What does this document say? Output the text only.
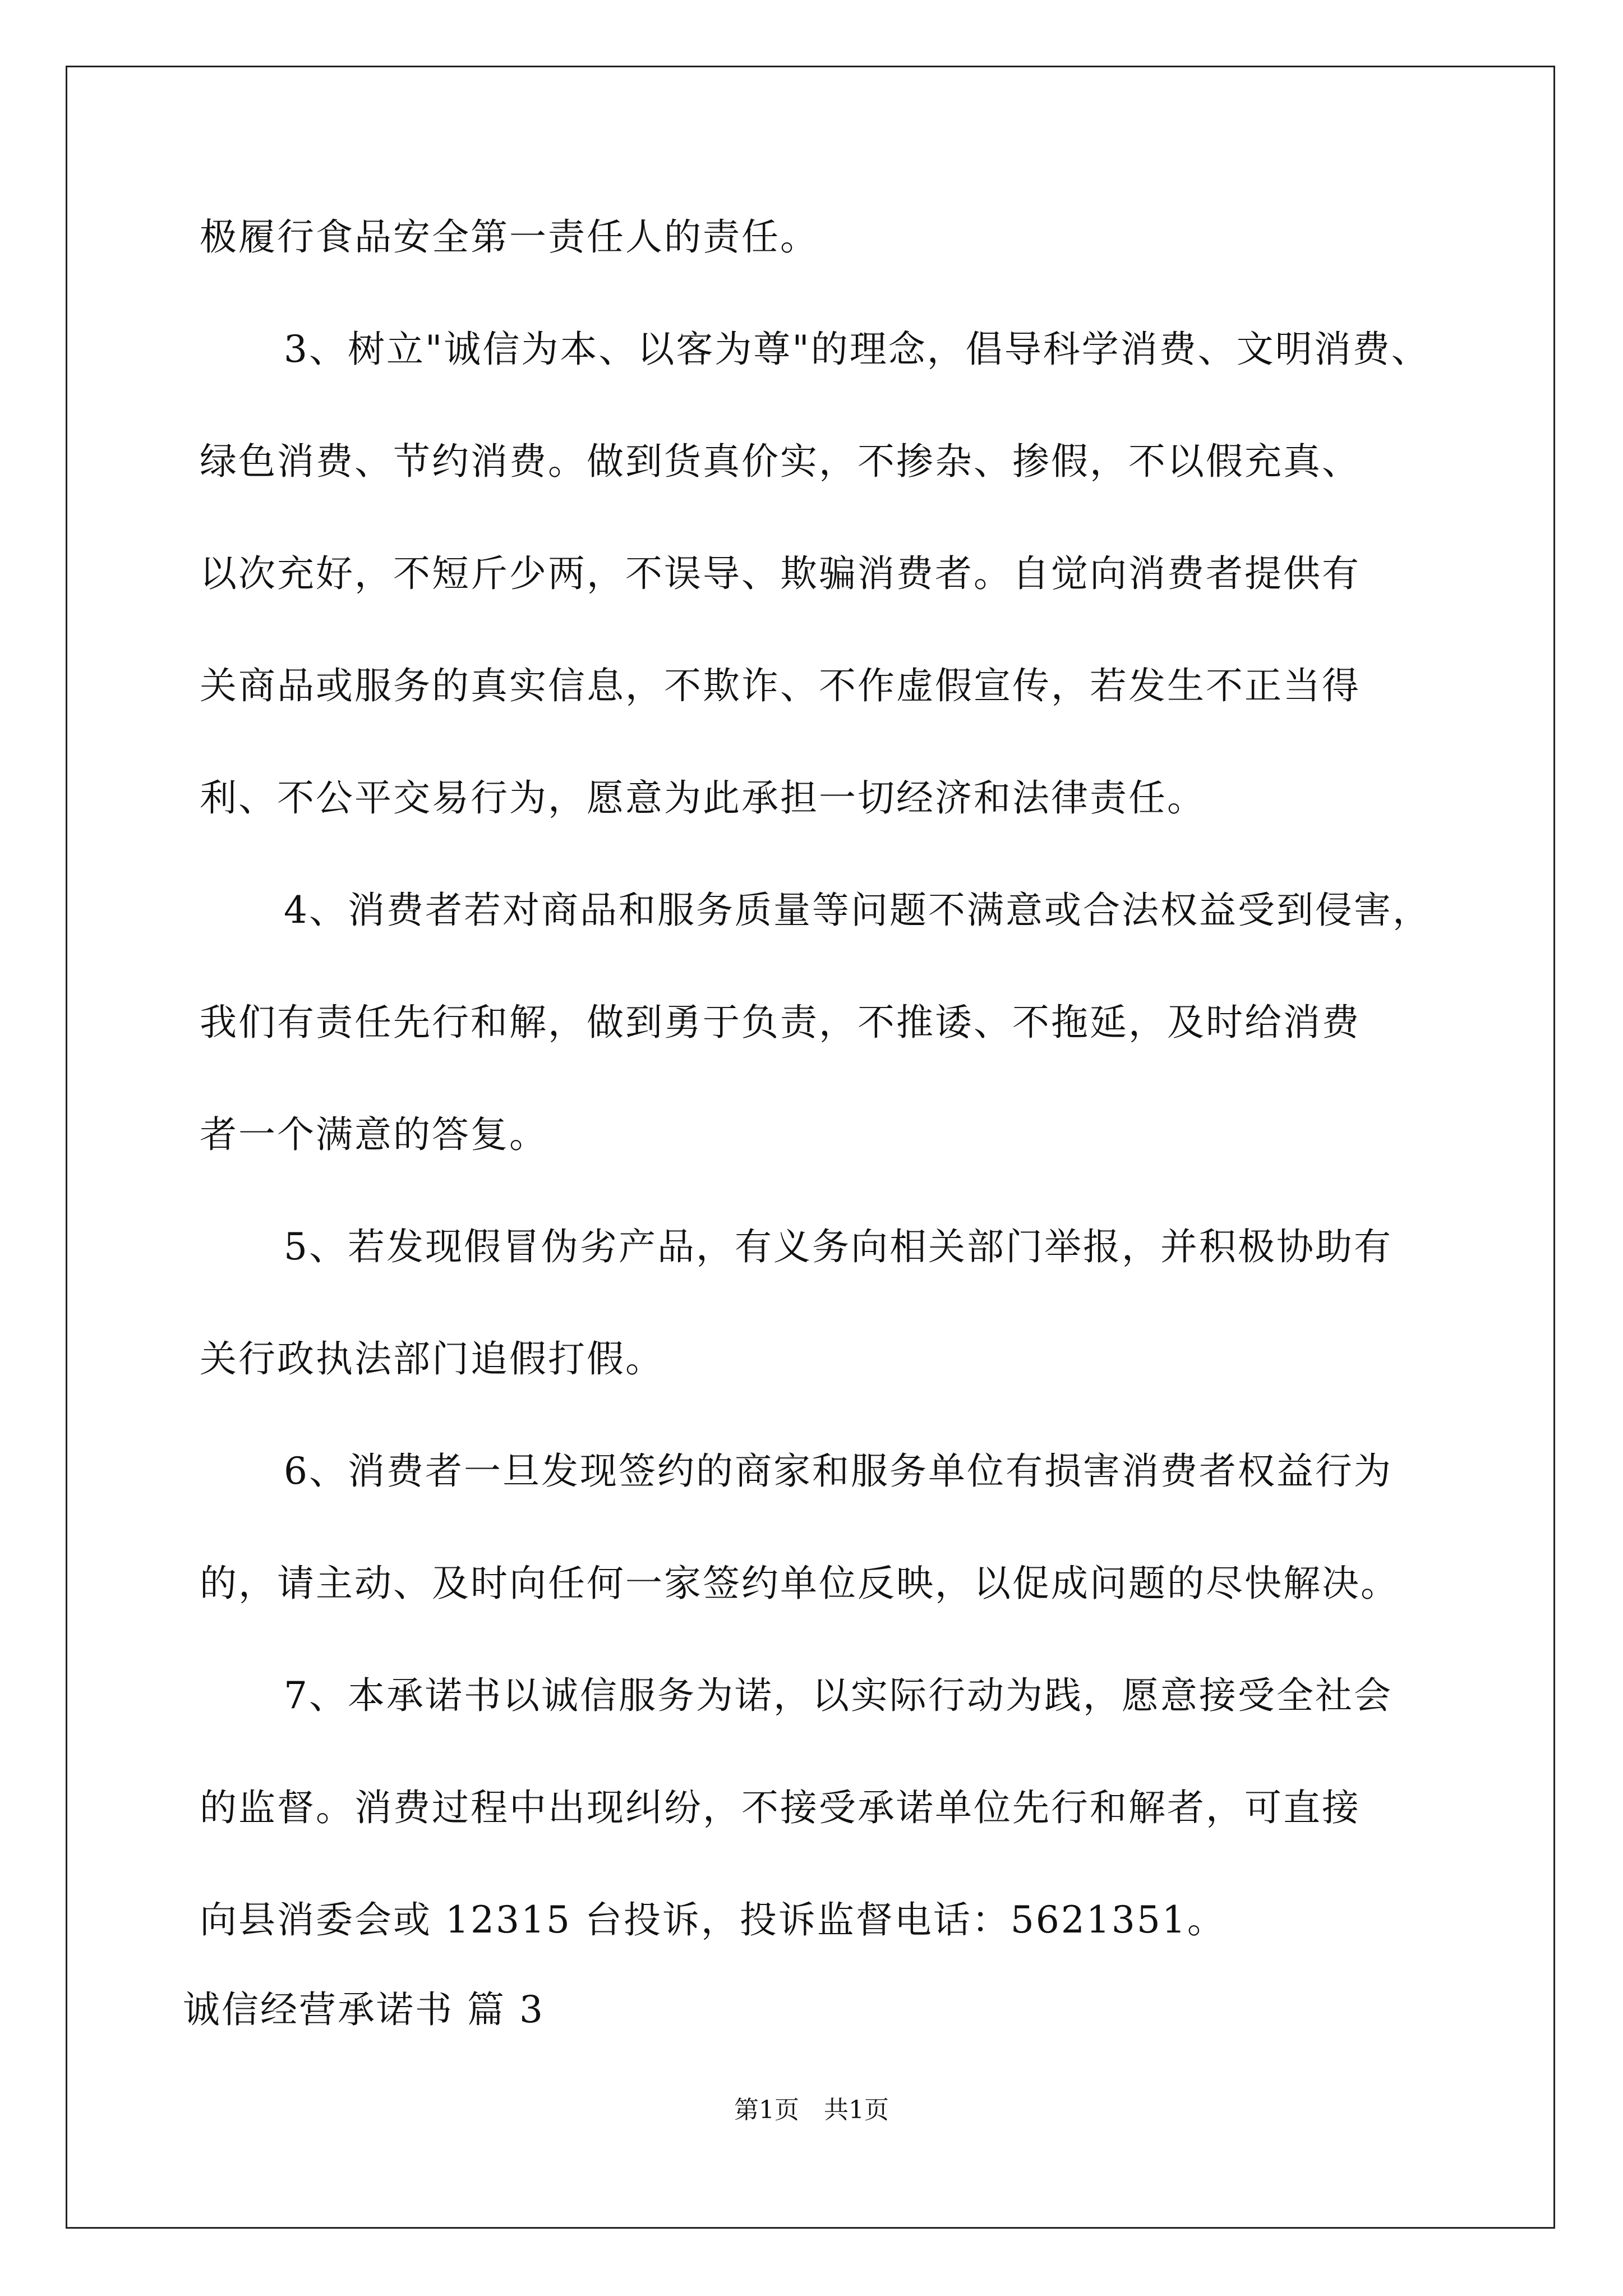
极履行食品安全第一责任人的责任。
3、树立"诚信为本、以客为尊"的理念，倡导科学消费、文明消费、
绿色消费、节约消费。做到货真价实，不掺杂、掺假，不以假充真、
以次充好，不短斤少两，不误导、欺骗消费者。自觉向消费者提供有
关商品或服务的真实信息，不欺诈、不作虚假宣传，若发生不正当得
利、不公平交易行为，愿意为此承担一切经济和法律责任。
4、消费者若对商品和服务质量等问题不满意或合法权益受到侵害，
我们有责任先行和解，做到勇于负责，不推诿、不拖延，及时给消费
者一个满意的答复。
5、若发现假冒伪劣产品，有义务向相关部门举报，并积极协助有
关行政执法部门追假打假。
6、消费者一旦发现签约的商家和服务单位有损害消费者权益行为
的，请主动、及时向任何一家签约单位反映，以促成问题的尽快解决。
7、本承诺书以诚信服务为诺，以实际行动为践，愿意接受全社会
的监督。消费过程中出现纠纷，不接受承诺单位先行和解者，可直接
向县消委会或 12315 台投诉，投诉监督电话：5621351。
诚信经营承诺书 篇 3
第1页　共1页
